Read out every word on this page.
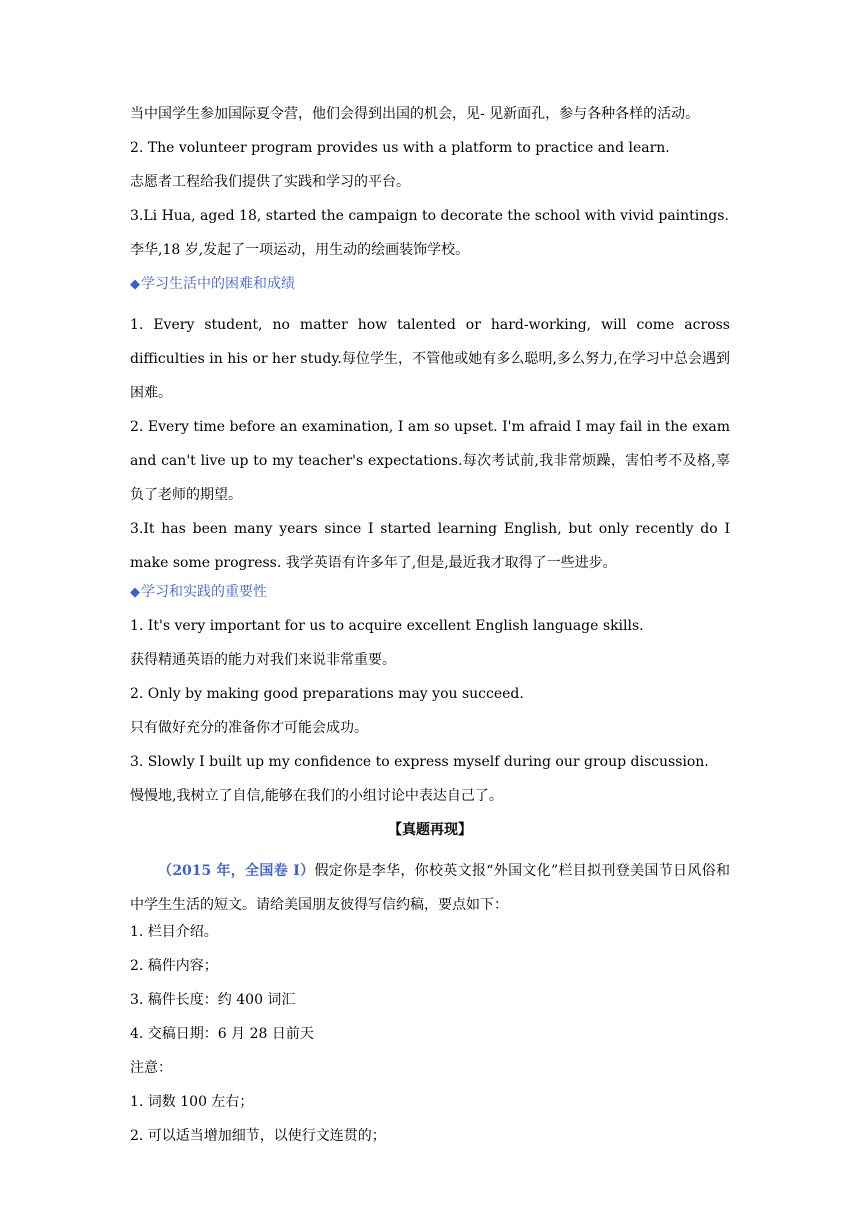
当中国学生参加国际夏令营，他们会得到出国的机会，见- 见新面孔，参与各种各样的活动。
2. The volunteer program provides us with a platform to practice and learn.
志愿者工程给我们提供了实践和学习的平台。
3.Li Hua, aged 18, started the campaign to decorate the school with vivid paintings.
李华,18 岁,发起了一项运动，用生动的绘画装饰学校。
◆ 学习生活中的困难和成绩
1. Every student, no matter how talented or hard-working, will come across difficulties in his or her study.每位学生，不管他或她有多么聪明,多么努力,在学习中总会遇到困难。
2. Every time before an examination, I am so upset. I'm afraid I may fail in the exam and can't live up to my teacher's expectations.每次考试前,我非常烦躁，害怕考不及格,辜负了老师的期望。
3.It has been many years since I started learning English, but only recently do I make some progress. 我学英语有许多年了,但是,最近我才取得了一些进步。
◆ 学习和实践的重要性
1. It's very important for us to acquire excellent English language skills.
获得精通英语的能力对我们来说非常重要。
2. Only by making good preparations may you succeed.
只有做好充分的准备你才可能会成功。
3. Slowly I built up my confidence to express myself during our group discussion.
慢慢地,我树立了自信,能够在我们的小组讨论中表达自己了。
【真题再现】
（2015 年，全国卷 I）假定你是李华，你校英文报“外国文化”栏目拟刊登美国节日风俗和中学生生活的短文。请给美国朋友彼得写信约稿，要点如下：
1. 栏目介绍。
2. 稿件内容；
3. 稿件长度：约 400 词汇
4. 交稿日期：6 月 28 日前天
注意：
1. 词数 100 左右；
2. 可以适当增加细节，以使行文连贯的；
